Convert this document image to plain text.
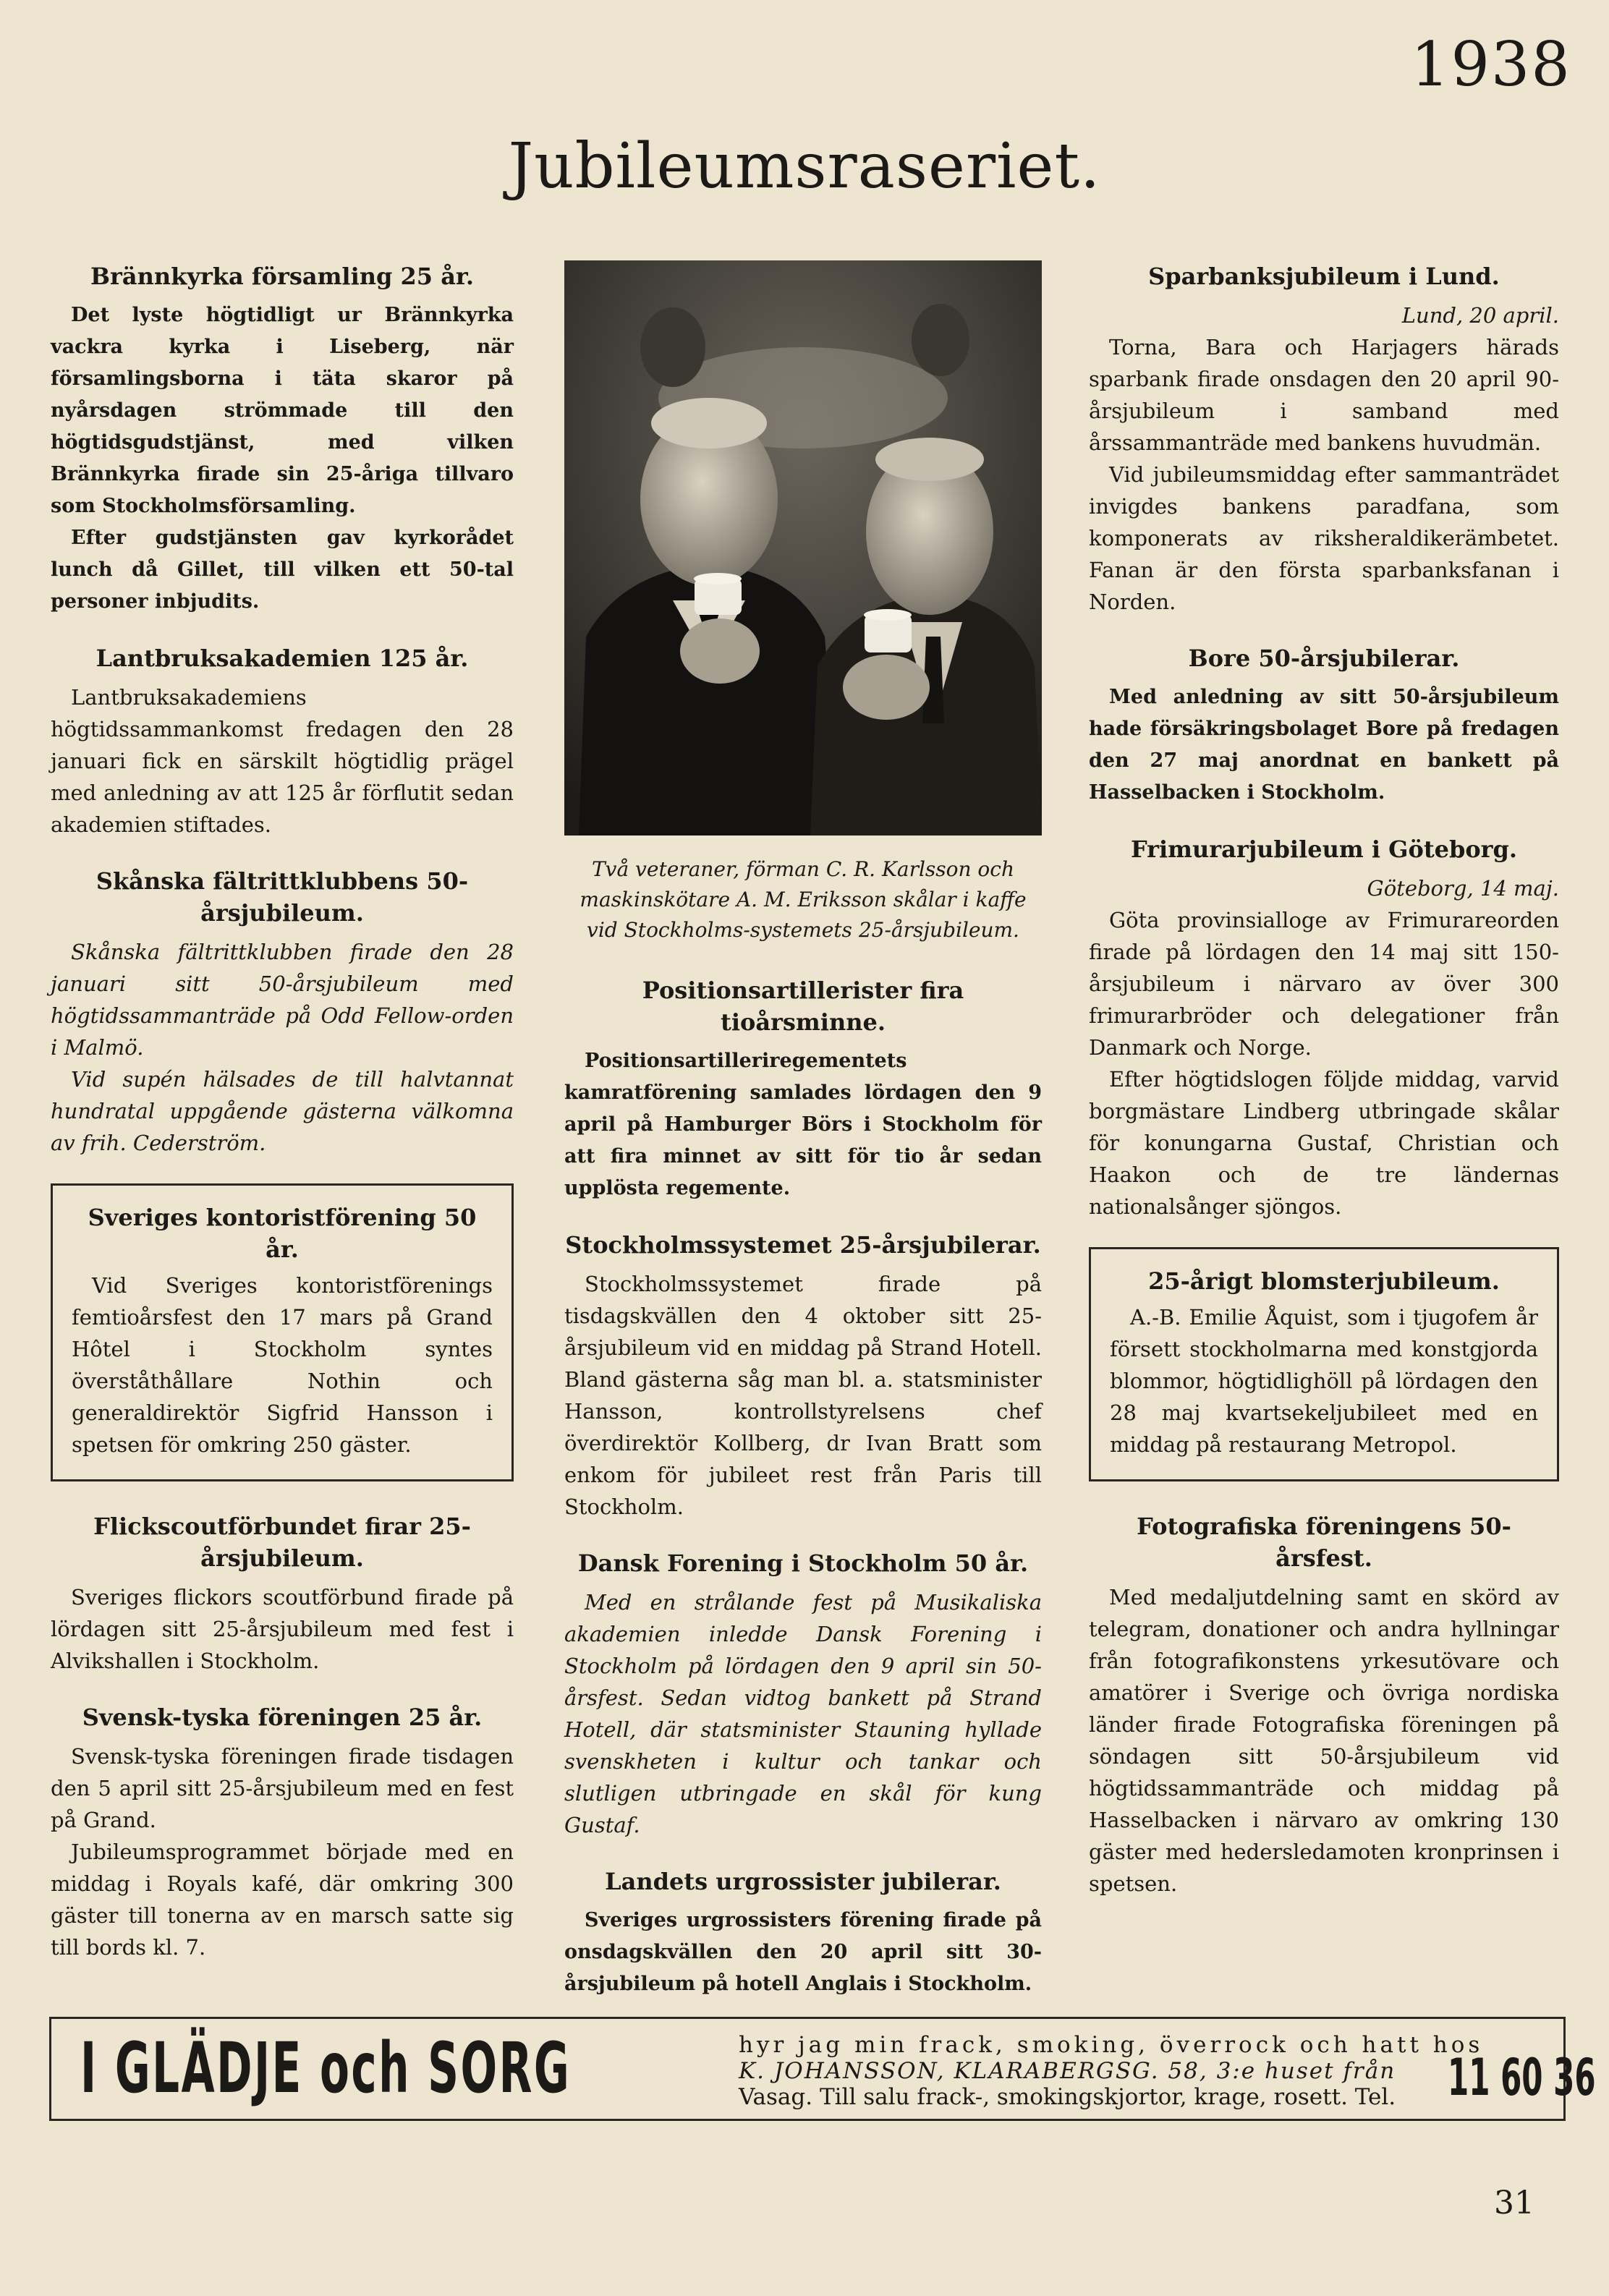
1938
Jubileumsraseriet.
Brännkyrka församling 25 år.

Det lyste högtidligt ur Brännkyrka vackra kyrka i Liseberg, när församlingsborna i täta skaror på nyårsdagen strömmade till den högtidsgudstjänst, med vilken Brännkyrka firade sin 25-åriga tillvaro som Stockholmsförsamling.

Efter gudstjänsten gav kyrkorådet lunch då Gillet, till vilken ett 50-tal personer inbjudits.

Lantbruksakademien 125 år.

Lantbruksakademiens högtidssammankomst fredagen den 28 januari fick en särskilt högtidlig prägel med anledning av att 125 år förflutit sedan akademien stiftades.

Skånska fältrittklubbens 50-årsjubileum.

Skånska fältrittklubben firade den 28 januari sitt 50-årsjubileum med högtidssammanträde på Odd Fellow-orden i Malmö.

Vid supén hälsades de till halvtannat hundratal uppgående gästerna välkomna av frih. Cederström.

Sveriges kontoristförening 50 år.

Vid Sveriges kontoristförenings femtioårsfest den 17 mars på Grand Hôtel i Stockholm syntes överståthållare Nothin och generaldirektör Sigfrid Hansson i spetsen för omkring 250 gäster.

Flickscoutförbundet firar 25-årsjubileum.

Sveriges flickors scoutförbund firade på lördagen sitt 25-årsjubileum med fest i Alvikshallen i Stockholm.

Svensk-tyska föreningen 25 år.

Svensk-tyska föreningen firade tisdagen den 5 april sitt 25-årsjubileum med en fest på Grand.

Jubileumsprogrammet började med en middag i Royals kafé, där omkring 300 gäster till tonerna av en marsch satte sig till bords kl. 7.

Två veteraner, förman C. R. Karlsson och maskinskötare A. M. Eriksson skålar i kaffe vid Stockholms-systemets 25-årsjubileum.

Positionsartillerister fira tioårsminne.

Positionsartilleriregementets kamratförening samlades lördagen den 9 april på Hamburger Börs i Stockholm för att fira minnet av sitt för tio år sedan upplösta regemente.

Stockholmssystemet 25-årsjubilerar.

Stockholmssystemet firade på tisdagskvällen den 4 oktober sitt 25-årsjubileum vid en middag på Strand Hotell. Bland gästerna såg man bl. a. statsminister Hansson, kontrollstyrelsens chef överdirektör Kollberg, dr Ivan Bratt som enkom för jubileet rest från Paris till Stockholm.

Dansk Forening i Stockholm 50 år.

Med en strålande fest på Musikaliska akademien inledde Dansk Forening i Stockholm på lördagen den 9 april sin 50-årsfest. Sedan vidtog bankett på Strand Hotell, där statsminister Stauning hyllade svenskheten i kultur och tankar och slutligen utbringade en skål för kung Gustaf.

Landets urgrossister jubilerar.

Sveriges urgrossisters förening firade på onsdagskvällen den 20 april sitt 30-årsjubileum på hotell Anglais i Stockholm.

Sparbanksjubileum i Lund.

Lund, 20 april.

Torna, Bara och Harjagers härads sparbank firade onsdagen den 20 april 90-årsjubileum i samband med årssammanträde med bankens huvudmän.

Vid jubileumsmiddag efter sammanträdet invigdes bankens paradfana, som komponerats av riksheraldikerämbetet. Fanan är den första sparbanksfanan i Norden.

Bore 50-årsjubilerar.

Med anledning av sitt 50-årsjubileum hade försäkringsbolaget Bore på fredagen den 27 maj anordnat en bankett på Hasselbacken i Stockholm.

Frimurarjubileum i Göteborg.

Göteborg, 14 maj.

Göta provinsialloge av Frimurareorden firade på lördagen den 14 maj sitt 150-årsjubileum i närvaro av över 300 frimurarbröder och delegationer från Danmark och Norge.

Efter högtidslogen följde middag, varvid borgmästare Lindberg utbringade skålar för konungarna Gustaf, Christian och Haakon och de tre ländernas nationalsånger sjöngos.

25-årigt blomsterjubileum.

A.-B. Emilie Åquist, som i tjugofem år försett stockholmarna med konstgjorda blommor, högtidlighöll på lördagen den 28 maj kvartsekeljubileet med en middag på restaurang Metropol.

Fotografiska föreningens 50-årsfest.

Med medaljutdelning samt en skörd av telegram, donationer och andra hyllningar från fotografikonstens yrkesutövare och amatörer i Sverige och övriga nordiska länder firade Fotografiska föreningen på söndagen sitt 50-årsjubileum vid högtidssammanträde och middag på Hasselbacken i närvaro av omkring 130 gäster med hedersledamoten kronprinsen i spetsen.

I GLÄDJE och SORG	hyr jag min frack, smoking, överrock och hatt hos
K. JOHANSSON, KLARABERGSG. 58, 3:e huset från
Vasag. Till salu frack-, smokingskjortor, krage, rosett. Tel.	11 60 36
31
